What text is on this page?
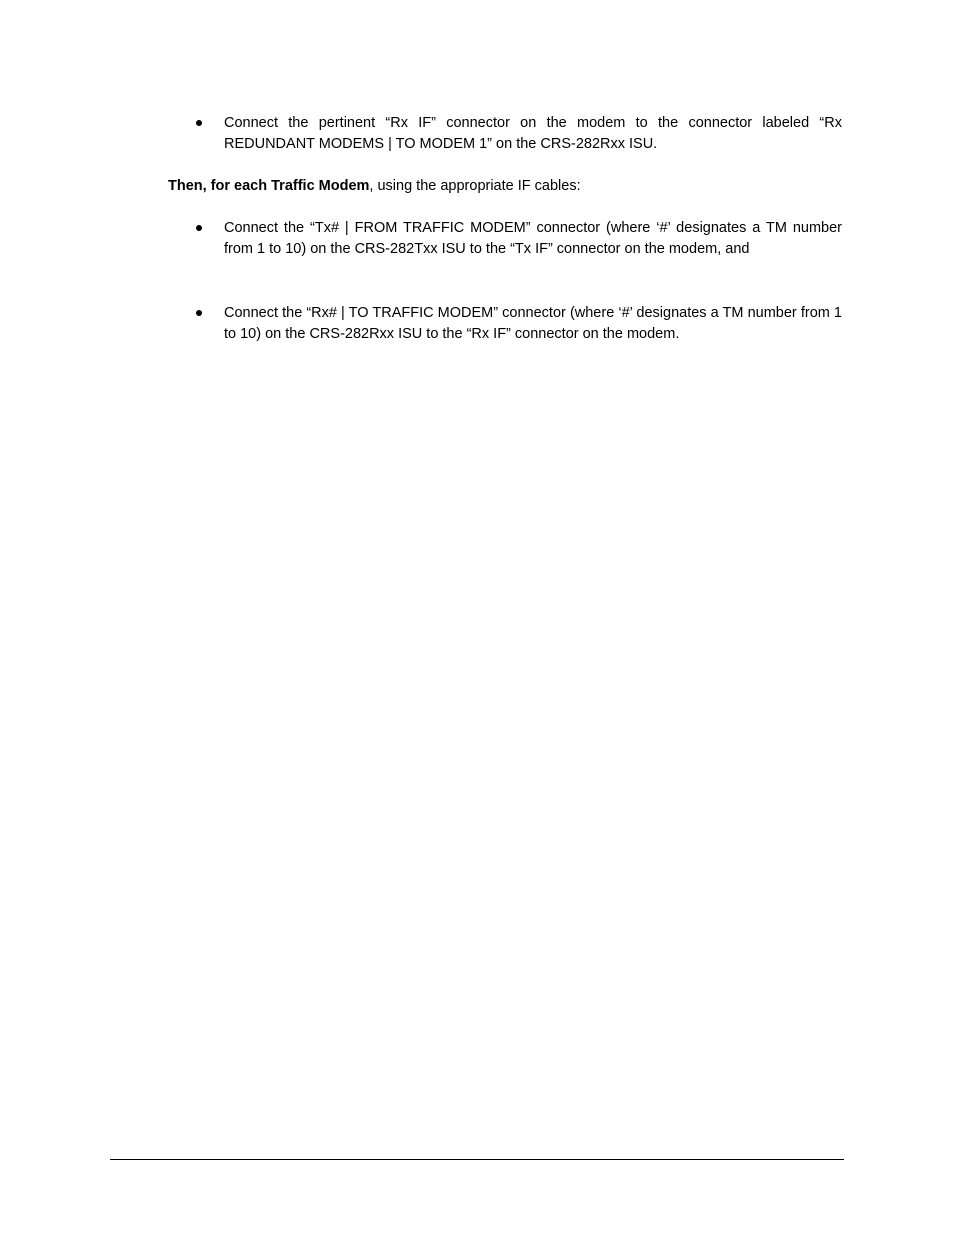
Connect the pertinent “Rx IF” connector on the modem to the connector labeled “Rx REDUNDANT MODEMS | TO MODEM 1” on the CRS-282Rxx ISU.
Then, for each Traffic Modem, using the appropriate IF cables:
Connect the “Tx# | FROM TRAFFIC MODEM” connector (where ‘#’ designates a TM number from 1 to 10) on the CRS-282Txx ISU to the “Tx IF” connector on the modem, and
Connect the “Rx# | TO TRAFFIC MODEM” connector (where ‘#’ designates a TM number from 1 to 10) on the CRS-282Rxx ISU to the “Rx IF” connector on the modem.
